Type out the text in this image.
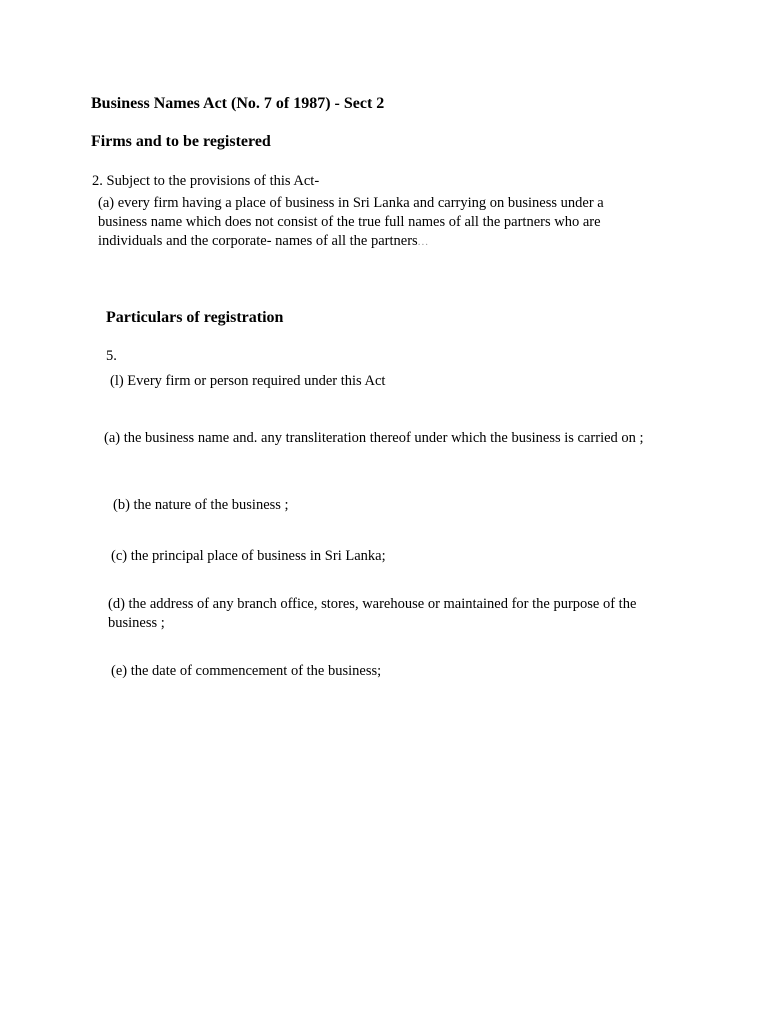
Business Names Act (No. 7 of 1987) - Sect 2
Firms and to be registered
2. Subject to the provisions of this Act-

(a) every firm having a place of business in Sri Lanka and carrying on business under a business name which does not consist of the true full names of all the partners who are individuals and the corporate- names of all the partners...

Particulars of registration
5.
(l) Every firm or person required under this Act

(a) the business name and. any transliteration thereof under which the business is carried on ;

(b) the nature of the business ;
(c) the principal place of business in Sri Lanka;

(d) the address of any branch office, stores, warehouse or maintained for the purpose of the business ;

(e) the date of commencement of the business;
